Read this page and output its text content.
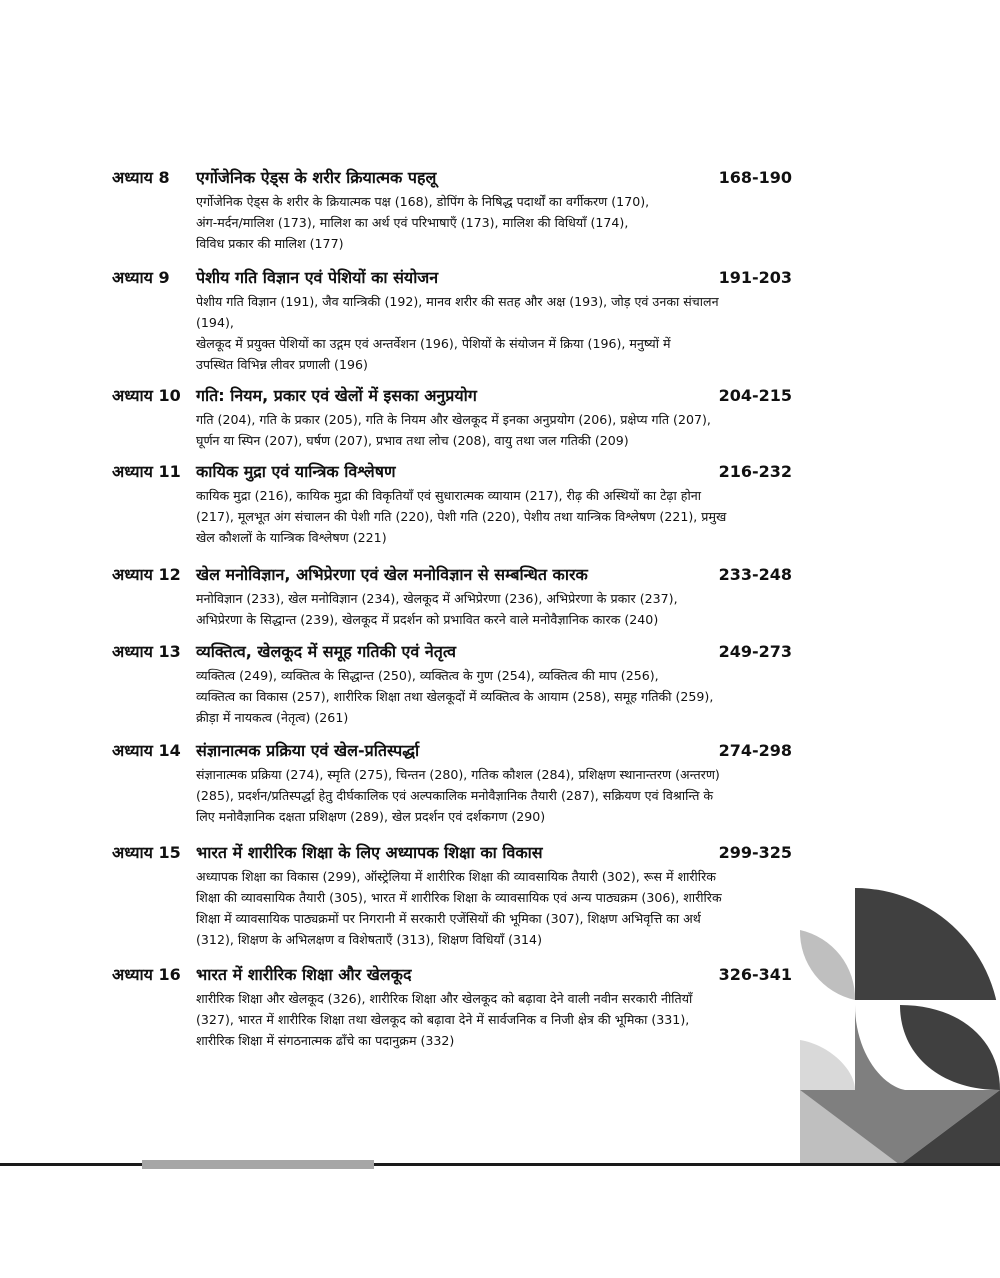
अध्याय 8 एर्गोजेनिक ऐड्स के शरीर क्रियात्मक पहलू	168-190
एर्गोजेनिक ऐड्स के शरीर के क्रियात्मक पक्ष (168), डोपिंग के निषिद्ध पदार्थों का वर्गीकरण (170),
अंग-मर्दन/मालिश (173), मालिश का अर्थ एवं परिभाषाएँ (173), मालिश की विधियाँ (174),
विविध प्रकार की मालिश (177)
अध्याय 9 पेशीय गति विज्ञान एवं पेशियों का संयोजन	191-203
पेशीय गति विज्ञान (191), जैव यान्त्रिकी (192), मानव शरीर की सतह और अक्ष (193), जोड़ एवं उनका संचालन
(194),
खेलकूद में प्रयुक्त पेशियों का उद्गम एवं अन्तर्वेशन (196), पेशियों के संयोजन में क्रिया (196), मनुष्यों में
उपस्थित विभिन्न लीवर प्रणाली (196)
अध्याय 10 गति: नियम, प्रकार एवं खेलों में इसका अनुप्रयोग	204-215
गति (204), गति के प्रकार (205), गति के नियम और खेलकूद में इनका अनुप्रयोग (206), प्रक्षेप्य गति (207),
घूर्णन या स्पिन (207), घर्षण (207), प्रभाव तथा लोच (208), वायु तथा जल गतिकी (209)
अध्याय 11 कायिक मुद्रा एवं यान्त्रिक विश्लेषण	216-232
कायिक मुद्रा (216), कायिक मुद्रा की विकृतियाँ एवं सुधारात्मक व्यायाम (217), रीढ़ की अस्थियों का टेढ़ा होना
(217), मूलभूत अंग संचालन की पेशी गति (220), पेशी गति (220), पेशीय तथा यान्त्रिक विश्लेषण (221), प्रमुख
खेल कौशलों के यान्त्रिक विश्लेषण (221)
अध्याय 12 खेल मनोविज्ञान, अभिप्रेरणा एवं खेल मनोविज्ञान से सम्बन्धित कारक	233-248
मनोविज्ञान (233), खेल मनोविज्ञान (234), खेलकूद में अभिप्रेरणा (236), अभिप्रेरणा के प्रकार (237),
अभिप्रेरणा के सिद्धान्त (239), खेलकूद में प्रदर्शन को प्रभावित करने वाले मनोवैज्ञानिक कारक (240)
अध्याय 13 व्यक्तित्व, खेलकूद में समूह गतिकी एवं नेतृत्व	249-273
व्यक्तित्व (249), व्यक्तित्व के सिद्धान्त (250), व्यक्तित्व के गुण (254), व्यक्तित्व की माप (256),
व्यक्तित्व का विकास (257), शारीरिक शिक्षा तथा खेलकूदों में व्यक्तित्व के आयाम (258), समूह गतिकी (259),
क्रीड़ा में नायकत्व (नेतृत्व) (261)
अध्याय 14 संज्ञानात्मक प्रक्रिया एवं खेल-प्रतिस्पर्द्धा	274-298
संज्ञानात्मक प्रक्रिया (274), स्मृति (275), चिन्तन (280), गतिक कौशल (284), प्रशिक्षण स्थानान्तरण (अन्तरण)
(285), प्रदर्शन/प्रतिस्पर्द्धा हेतु दीर्घकालिक एवं अल्पकालिक मनोवैज्ञानिक तैयारी (287), सक्रियण एवं विश्रान्ति के
लिए मनोवैज्ञानिक दक्षता प्रशिक्षण (289), खेल प्रदर्शन एवं दर्शकगण (290)
अध्याय 15 भारत में शारीरिक शिक्षा के लिए अध्यापक शिक्षा का विकास	299-325
अध्यापक शिक्षा का विकास (299), ऑस्ट्रेलिया में शारीरिक शिक्षा की व्यावसायिक तैयारी (302), रूस में शारीरिक
शिक्षा की व्यावसायिक तैयारी (305), भारत में शारीरिक शिक्षा के व्यावसायिक एवं अन्य पाठ्यक्रम (306), शारीरिक
शिक्षा में व्यावसायिक पाठ्यक्रमों पर निगरानी में सरकारी एजेंसियों की भूमिका (307), शिक्षण अभिवृत्ति का अर्थ
(312), शिक्षण के अभिलक्षण व विशेषताएँ (313), शिक्षण विधियाँ (314)
अध्याय 16 भारत में शारीरिक शिक्षा और खेलकूद	326-341
शारीरिक शिक्षा और खेलकूद (326), शारीरिक शिक्षा और खेलकूद को बढ़ावा देने वाली नवीन सरकारी नीतियाँ
(327), भारत में शारीरिक शिक्षा तथा खेलकूद को बढ़ावा देने में सार्वजनिक व निजी क्षेत्र की भूमिका (331),
शारीरिक शिक्षा में संगठनात्मक ढाँचे का पदानुक्रम (332)
